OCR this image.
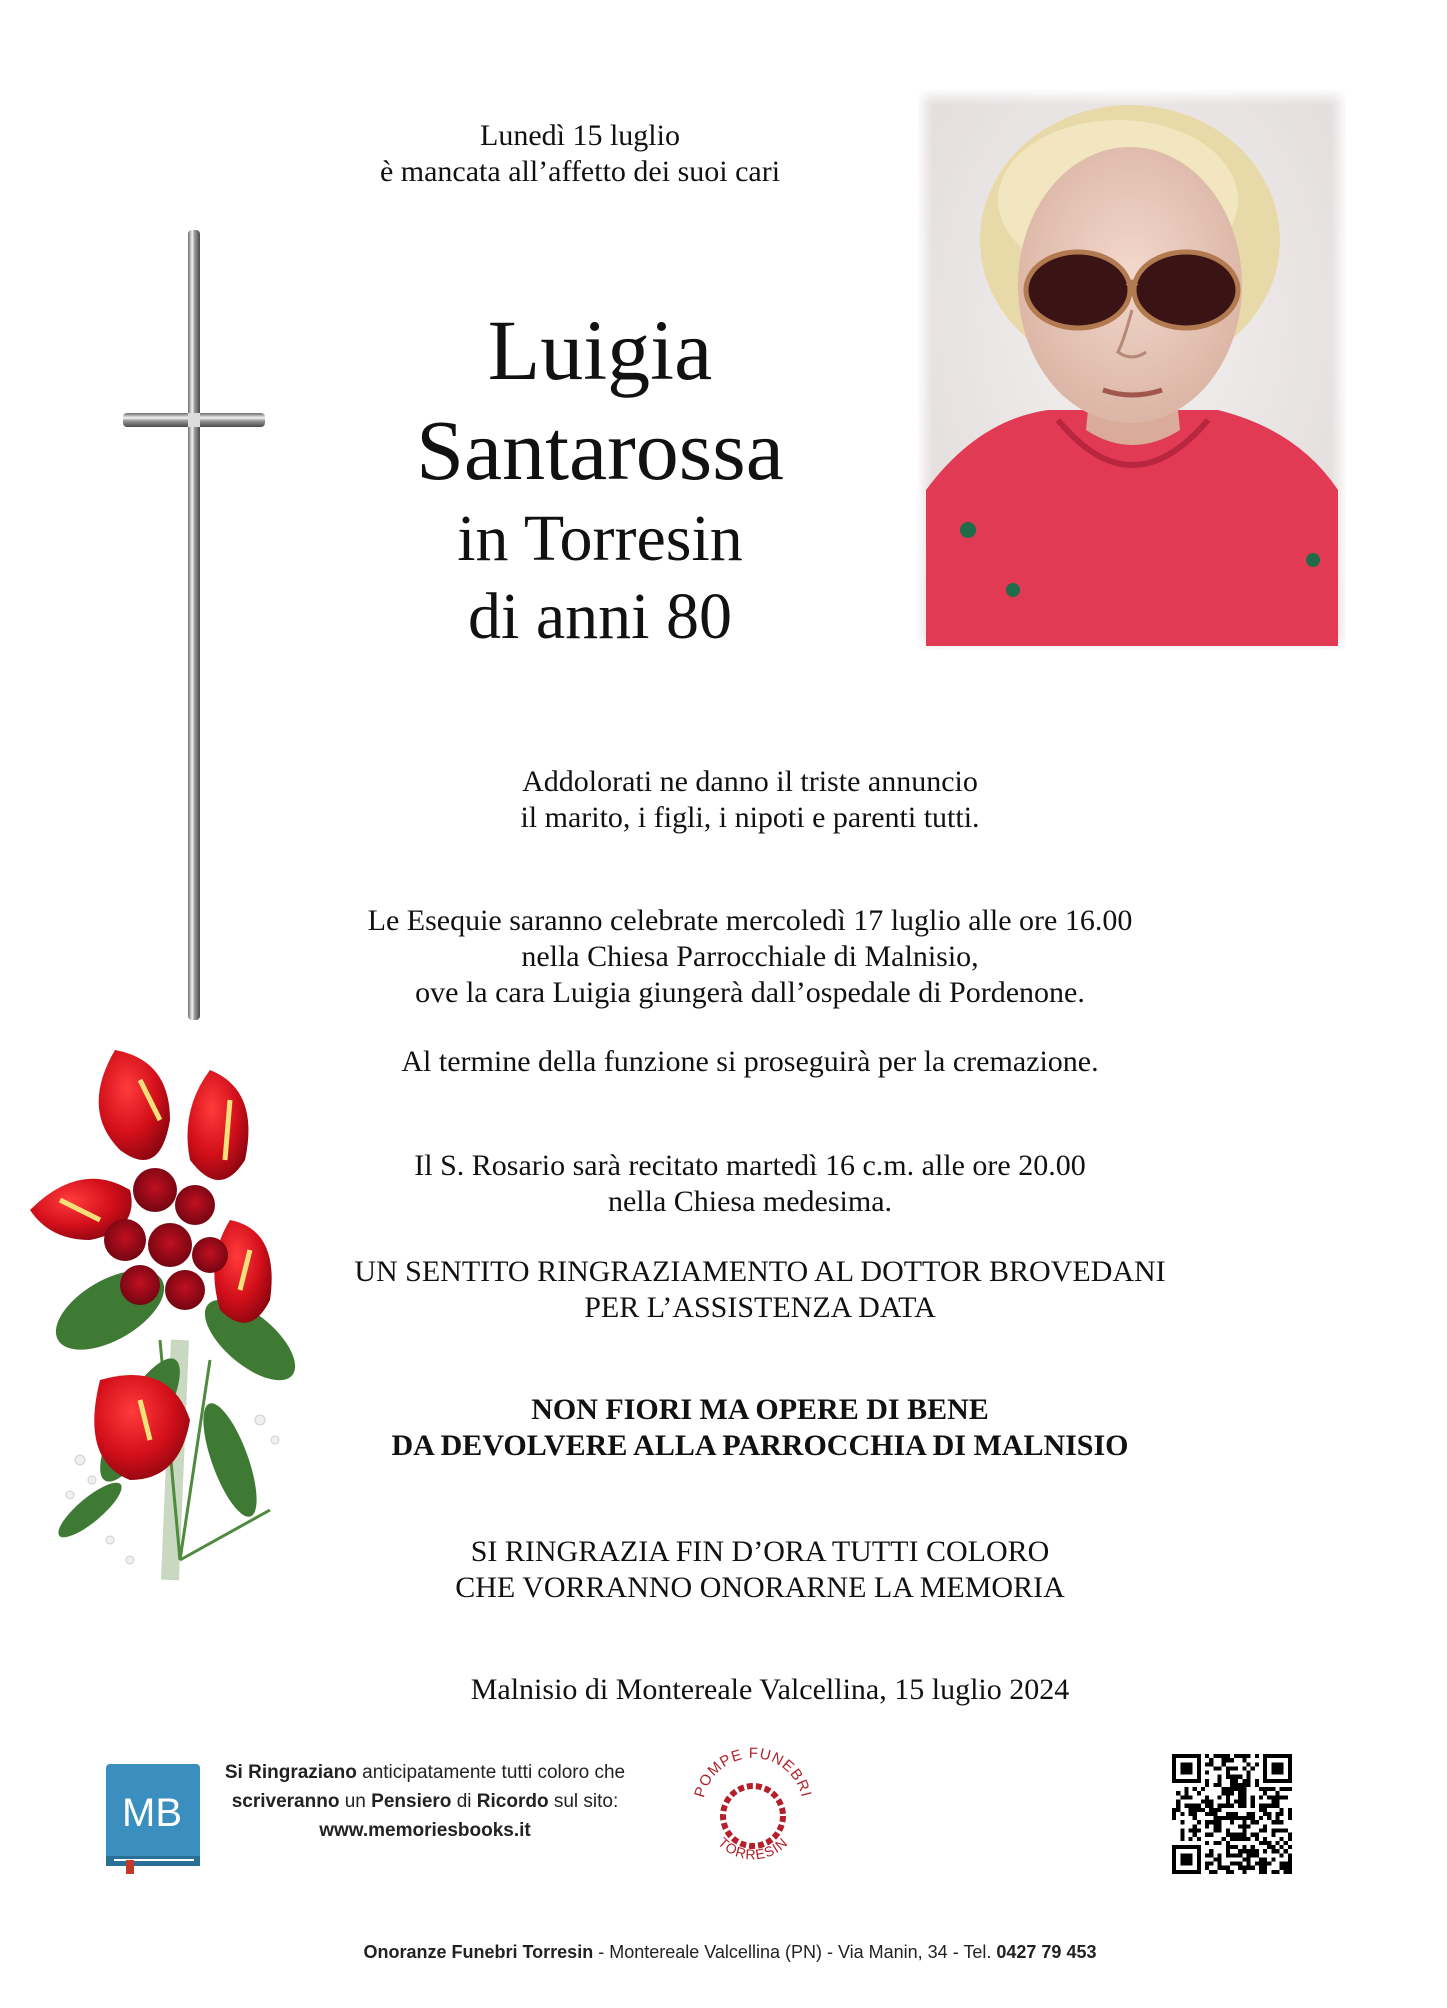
Lunedì 15 luglio
è mancata all’affetto dei suoi cari
Luigia
Santarossa
in Torresin
di anni 80
Addolorati ne danno il triste annuncio
il marito, i figli, i nipoti e parenti tutti.
Le Esequie saranno celebrate mercoledì 17 luglio alle ore 16.00
nella Chiesa Parrocchiale di Malnisio,
ove la cara Luigia giungerà dall’ospedale di Pordenone.
Al termine della funzione si proseguirà per la cremazione.
Il S. Rosario sarà recitato martedì 16 c.m. alle ore 20.00
nella Chiesa medesima.
UN SENTITO RINGRAZIAMENTO AL DOTTOR BROVEDANI
PER L’ASSISTENZA DATA
NON FIORI MA OPERE DI BENE
DA DEVOLVERE ALLA PARROCCHIA DI MALNISIO
SI RINGRAZIA FIN D’ORA TUTTI COLORO
CHE VORRANNO ONORARNE LA MEMORIA
Malnisio di Montereale Valcellina, 15 luglio 2024
MB
Si Ringraziano anticipatamente tutti coloro che
scriveranno un Pensiero di Ricordo sul sito:
www.memoriesbooks.it
POMPE FUNEBRI
TORRESIN
Onoranze Funebri Torresin - Montereale Valcellina (PN) - Via Manin, 34 - Tel. 0427 79 453
